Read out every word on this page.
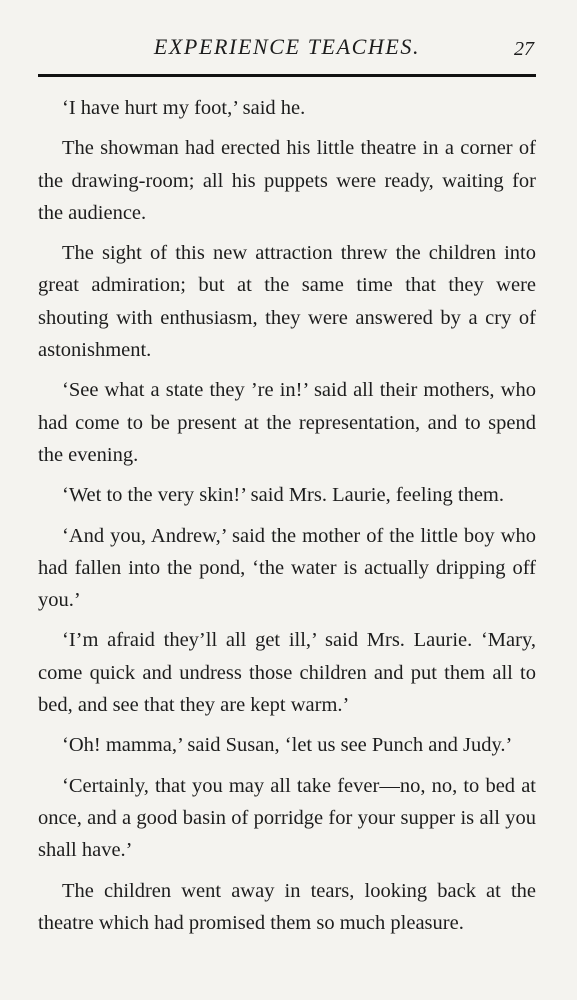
EXPERIENCE TEACHES.	27

‘I have hurt my foot,’ said he.

The showman had erected his little theatre in a corner of the drawing-room; all his puppets were ready, waiting for the audience.

The sight of this new attraction threw the children into great admiration; but at the same time that they were shouting with enthusiasm, they were answered by a cry of astonishment.

‘See what a state they ’re in!’ said all their mothers, who had come to be present at the representation, and to spend the evening.

‘Wet to the very skin!’ said Mrs. Laurie, feeling them.

‘And you, Andrew,’ said the mother of the little boy who had fallen into the pond, ‘the water is actually dripping off you.’

‘I’m afraid they’ll all get ill,’ said Mrs. Laurie. ‘Mary, come quick and undress those children and put them all to bed, and see that they are kept warm.’

‘Oh! mamma,’ said Susan, ‘let us see Punch and Judy.’

‘Certainly, that you may all take fever—no, no, to bed at once, and a good basin of porridge for your supper is all you shall have.’

The children went away in tears, looking back at the theatre which had promised them so much pleasure.
